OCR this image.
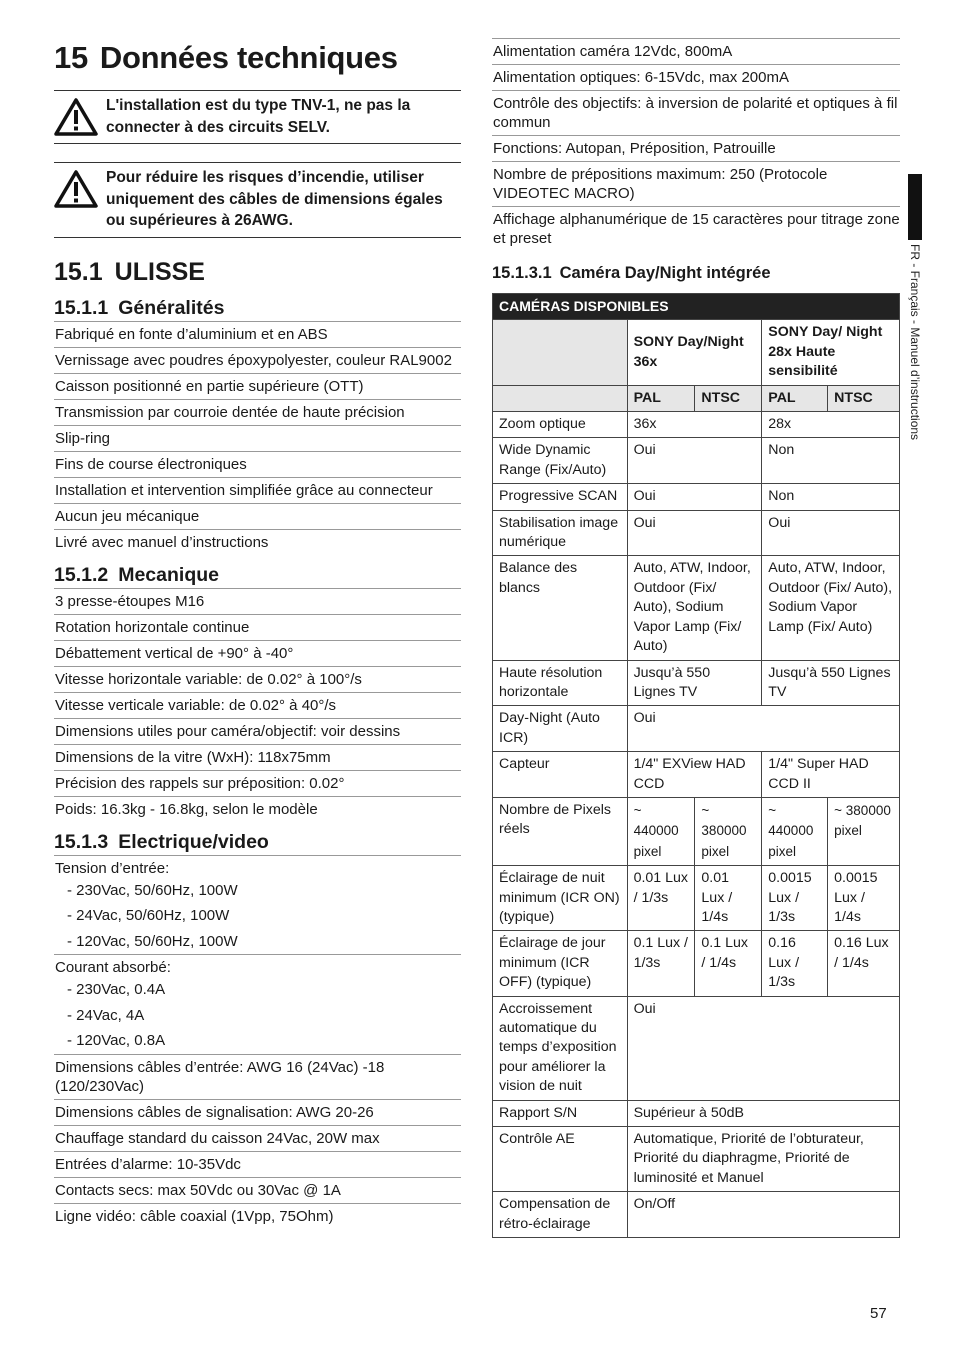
15 Données techniques
L'installation est du type TNV-1, ne pas la connecter à des circuits SELV.
Pour réduire les risques d’incendie, utiliser uniquement des câbles de dimensions égales ou supérieures à 26AWG.
15.1 ULISSE
15.1.1 Généralités
Fabriqué en fonte d’aluminium et en ABS
Vernissage avec poudres époxypolyester, couleur RAL9002
Caisson positionné en partie supérieure (OTT)
Transmission par courroie dentée de haute précision
Slip-ring
Fins de course électroniques
Installation et intervention simplifiée grâce au connecteur
Aucun jeu mécanique
Livré avec manuel d’instructions
15.1.2 Mecanique
3 presse-étoupes M16
Rotation horizontale continue
Débattement vertical de +90° à -40°
Vitesse horizontale variable: de 0.02° à 100°/s
Vitesse verticale variable: de 0.02° à 40°/s
Dimensions utiles pour caméra/objectif: voir dessins
Dimensions de la vitre (WxH): 118x75mm
Précision des rappels sur préposition: 0.02°
Poids: 16.3kg - 16.8kg, selon le modèle
15.1.3 Electrique/video
Tension d’entrée:
- 230Vac, 50/60Hz, 100W
- 24Vac, 50/60Hz, 100W
- 120Vac, 50/60Hz, 100W
Courant absorbé:
- 230Vac, 0.4A
- 24Vac, 4A
- 120Vac, 0.8A
Dimensions câbles d’entrée: AWG 16 (24Vac) -18 (120/230Vac)
Dimensions câbles de signalisation: AWG 20-26
Chauffage standard du caisson 24Vac, 20W max
Entrées d’alarme: 10-35Vdc
Contacts secs: max 50Vdc ou 30Vac @ 1A
Ligne vidéo: câble coaxial (1Vpp, 75Ohm)
Alimentation caméra 12Vdc, 800mA
Alimentation optiques: 6-15Vdc, max 200mA
Contrôle des objectifs: à inversion de polarité et optiques à fil commun
Fonctions: Autopan, Préposition, Patrouille
Nombre de prépositions maximum: 250 (Protocole VIDEOTEC MACRO)
Affichage alphanumérique de 15 caractères pour titrage zone et preset
15.1.3.1 Caméra Day/Night intégrée
CAMÉRAS DISPONIBLES				
	SONY Day/Night 36x		SONY Day/ Night 28x Haute sensibilité	
	PAL	NTSC	PAL	NTSC
Zoom optique	36x		28x	
Wide Dynamic Range (Fix/Auto)	Oui		Non	
Progressive SCAN	Oui		Non	
Stabilisation image numérique	Oui		Oui	
Balance des blancs	Auto, ATW, Indoor, Outdoor (Fix/ Auto), Sodium Vapor Lamp (Fix/ Auto)		Auto, ATW, Indoor, Outdoor (Fix/ Auto), Sodium Vapor Lamp (Fix/ Auto)	
Haute résolution horizontale	Jusqu’à 550 Lignes TV		Jusqu’à 550 Lignes TV	
Day-Night (Auto ICR)	Oui			
Capteur	1/4" EXView HAD CCD		1/4" Super HAD CCD II	
Nombre de Pixels réels	~ 440000 pixel	~ 380000 pixel	~ 440000 pixel	~ 380000 pixel
Éclairage de nuit minimum (ICR ON) (typique)	0.01 Lux / 1/3s	0.01 Lux / 1/4s	0.0015 Lux / 1/3s	0.0015 Lux / 1/4s
Éclairage de jour minimum (ICR OFF) (typique)	0.1 Lux / 1/3s	0.1 Lux / 1/4s	0.16 Lux / 1/3s	0.16 Lux / 1/4s
Accroissement automatique du temps d’exposition pour améliorer la vision de nuit	Oui			
Rapport S/N	Supérieur à 50dB			
Contrôle AE	Automatique, Priorité de l’obturateur, Priorité du diaphragme, Priorité de luminosité et Manuel			
Compensation de rétro-éclairage	On/Off			
FR - Français - Manuel d’instructions
57
